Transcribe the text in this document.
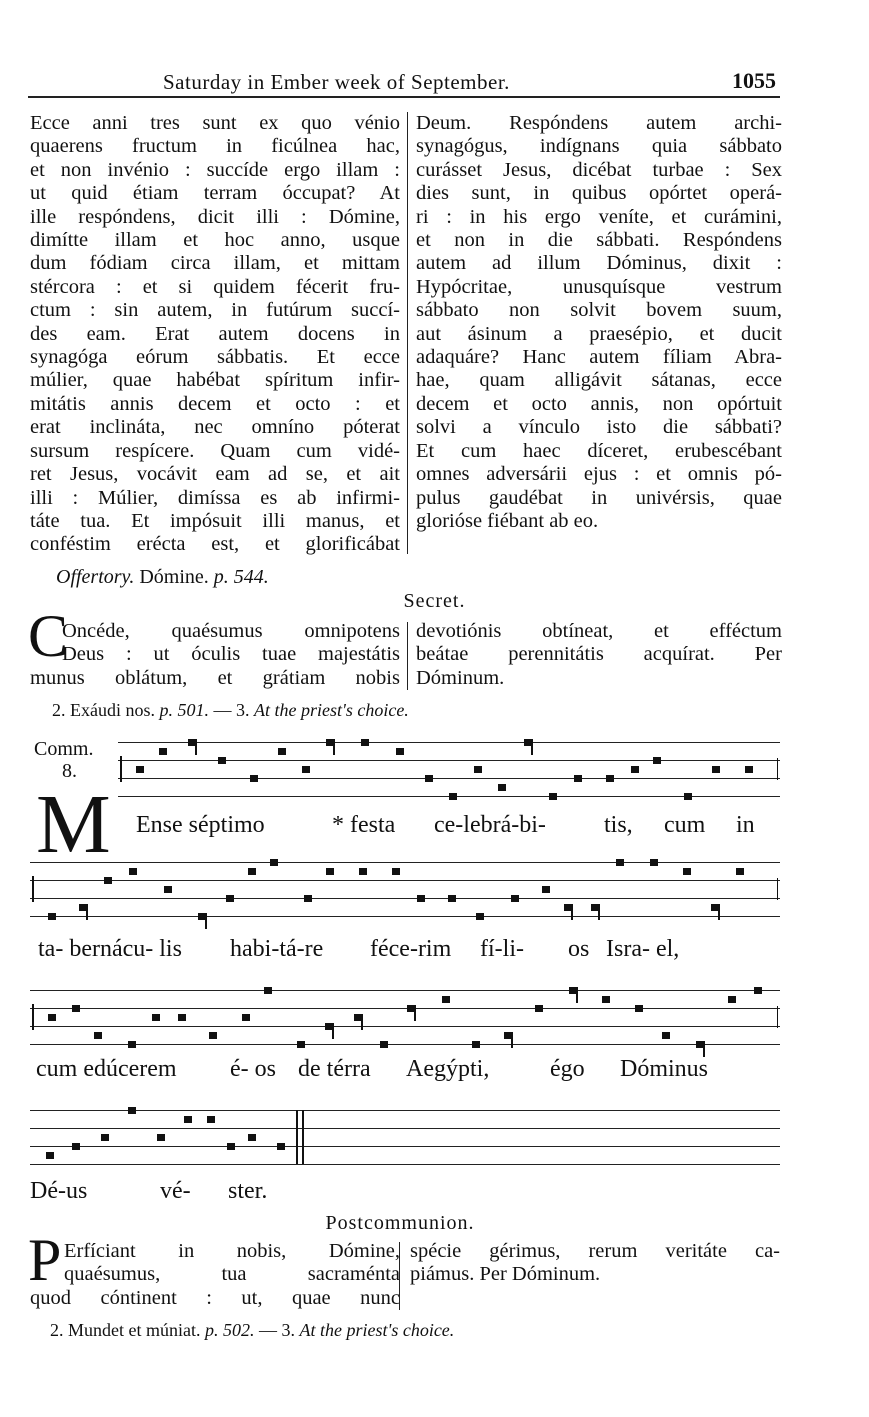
Saturday in Ember week of September.	1055
Ecce anni tres sunt ex quo vénio
quaerens fructum in ficúlnea hac,
et non invénio : succíde ergo illam :
ut quid étiam terram óccupat? At
ille respóndens, dicit illi : Dómine,
dimítte illam et hoc anno, usque
dum fódiam circa illam, et mittam
stércora : et si quidem fécerit fru-
ctum : sin autem, in futúrum succí-
des eam. Erat autem docens in
synagóga eórum sábbatis. Et ecce
múlier, quae habébat spíritum infir-
mitátis annis decem et octo : et
erat inclináta, nec omníno póterat
sursum respícere. Quam cum vidé-
ret Jesus, vocávit eam ad se, et ait
illi : Múlier, dimíssa es ab infirmi-
táte tua. Et impósuit illi manus, et
conféstim erécta est, et glorificábat
Deum. Respóndens autem archi-
synagógus, indígnans quia sábbato
curásset Jesus, dicébat turbae : Sex
dies sunt, in quibus opórtet operá-
ri : in his ergo veníte, et curámini,
et non in die sábbati. Respóndens
autem ad illum Dóminus, dixit :
Hypócritae, unusquísque vestrum
sábbato non solvit bovem suum,
aut ásinum a praesépio, et ducit
adaquáre? Hanc autem fíliam Abra-
hae, quam alligávit sátanas, ecce
decem et octo annis, non opórtuit
solvi a vínculo isto die sábbati?
Et cum haec díceret, erubescébant
omnes adversárii ejus : et omnis pó-
pulus gaudébat in univérsis, quae
glorióse fiébant ab eo.
Offertory. Dómine. p. 544.
Secret.
C
Oncéde, quaésumus omnipotens
Deus : ut óculis tuae majestátis
munus oblátum, et grátiam nobis
devotiónis obtíneat, et efféctum
beátae perennitátis acquírat. Per
Dóminum.
2. Exáudi nos. p. 501. — 3. At the priest's choice.
Comm.
8.
M Ense séptimo	* festa ce-lebrá-bi- tis, cum in
ta- bernácu- lis habi-tá-re féce-rim fí-li- os Isra- el,
cum edúcerem é- os de térra Aegýpti,	égo Dóminus
Dé-us	vé- ster.
Postcommunion.
P Erfíciant in nobis, Dómine,
quaésumus, tua sacraménta
quod cóntinent : ut, quae nunc
spécie gérimus, rerum veritáte ca-
piámus. Per Dóminum.
2. Mundet et múniat. p. 502. — 3. At the priest's choice.
